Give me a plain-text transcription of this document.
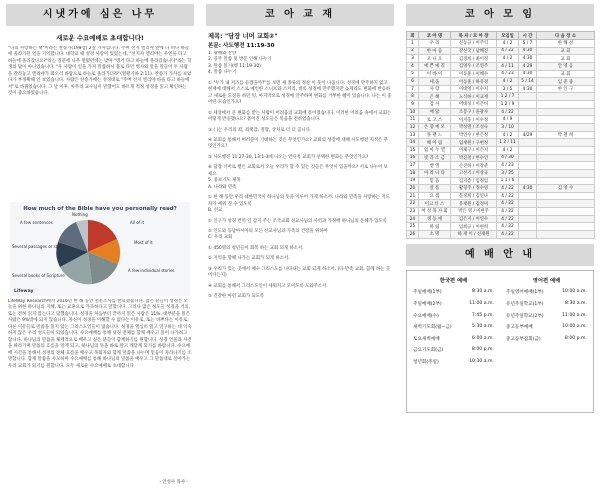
시냇가에 심은 나무
새로운 수요예배로 초대합니다!

"나의 사랑하는 책"이라는 찬송가(199장) 2절 가사입니다. 주여 선지 엘리야 앞에 다 떠나 하늘에 올라가던 일을 기억합니다. 대학교 때 성경 사랑이 있었는데, "선지자 엘리야는 우연을 타고 하늘에 올라갔나요?"라는 질문에 나무 떨렸던데는 맞아 "병거 타고 하늘에 올라갔습니다"라는 학생의 답이 아니었습니다. "우 사람이 일을 가져 말씀하시 불로 타던 병사와 말을 말들이 두 사람을 갈라놓고 엘리야가 회오리 바람으로 하늘로 올라가더라"(열왕기하 2:11). 찬송가 가사를 보았다가 부정확해 인 보였습니다. 사람은 찬송가에는 성경대로 "주여 선지 엘리야 바을 타고 하늘에서"로 바뀌었습니다. 그 날 이후, 아무리 교수님이 말했어도 바르게 적정 성경을 읽고 확인하는 것이 중요하였습니다.

How much of the Bible have you personally read?
All of it
Most of it
A few individual stories
Several books of Scripture
Several passages or stories
A few sentences
Nothing
Lifeway

LifeWay Research에서 2016년 한 해 동안 설문조사를 발표했습니다. 많은 분들이 성경은 오늘을 위한 하나님의 지혜, 또는 교훈으로 가득하다고 말합니다. 그러나 많은 성도들 성경을 거의, 또는 전혀 읽지 않는다고 답했습니다. 성경을 처음부터 끝까지 읽은 사람은 11%, 대부분을 읽은 사람은 9%밖에 되지 않습니다. 자신이 성경을 이해할 수 없다는 이유로, 또는 바쁘다는 이유로, 다른 이유들로 말씀을 읽지 않는 그리스도인들이 많습니다. 성경을 열심히 읽고 연구하는 데 익숙하지 않은 우리 성도들이 되었습니다. 수요예배를 통해 성경 전체를 함께 배우고 읽어 나가려고 합니다. 하나님의 말씀을 체계적으로 배우고 싶은 분들이 함께하기를 원합니다. 성경 인물과 사건을 따라가며 말씀의 흐름을 알게 되고, 하나님의 뜻을 바로 알고 깨닫게 되기를 바랍니다. 수요예배 시간을 통해서 성경의 전체 흐름을 배우고 목회자와 함께 말씀을 나누며 믿음이 자라나기를 소망합니다. 함께 말씀을 사모하며 수요예배를 통해 하나님의 말씀을 배우고 그 말씀대로 살아가는 우리 교회가 되기를 원합니다. 모두 새로운 수요예배로 초대합니다.

- 안성수 목사 -
코 아 교 재
제목: "담장 너머 교회②"
본문: 사도행전 11:19-30

1. 광해와 찬양

2. 공주 말씀 및 방문 인해 나누기

3. 말씀 읽기(행 11:19-30)

4. 말씀 나누기

① "누가 내 저즈를 들겠을까?"를 보면 새 종류의 정찬 이 웃이 나옵니다. 성경에 만주하지 않고 현재에 대해서 스스로 예언한 스니프와 스커리, 비록 성경에 만주했지만 늦게라도 변화에 반응하고 새로운 도전을 하던 텃, 마지막으로 성경에 안주하며 변화를 거부한 헴이 있습니다. 나는 이 중 어떤 모습인가요?

② 세상에서 큰 변화를 받는 사람이 어려움의 교회에 흩어졌습니다. 이러한 어려움 속에서 교회는 어떻게 반응했나요? 흩어진 성도들은 복음을 전하였습니다.

③ ( )는 우리의 죄, 죄책감, 절망, 상처로 더 더 큽니다.

④ 교회를 통해서 여러분이 기대하는 것은 무엇인가요? 교회의 성장에 대해 사도행전 지적은 무엇인가요?

⑤ 사도행전 11:27-30, 13:1-3에 나오는 안디옥 교회가 선택한 변화는 무엇인가요?

⑥ 담장 너머로 뻗은 교회로서 오늘 우리가 할 수 있는 것들은 무엇이 있을까요? 서로 나누어 보세요.

5. 중보기도 제목

A. 나라와 민족

① 한 해 동안 우리 대한민국이 하나님의 뜻을 이루어 가게 하소서. 나라와 민족을 사랑하는 지도자가 세워 질 수 있도록

B. 선교

① 인구가 성경 번역 일 감지 주는 조국교회 선교사님의 사역과 가정에 하나님의 은혜가 있도록

② 인도와 동남아시아의 모든 선교사님과 가족의 건강을 위하여

C. 우리 교회

① 450명의 청년들이 회복 하는 교회 되게 하소서.

② 지역을 향해 나가는 교회가 되게 하소서.

③ 우리가 있는 곳에서 예수 그리스도를 나타내는 교회 되게 하소서. (다 만족 교회, 함께 하는 곳 어디든지)

④ 교회를 통해서 그리스도인이 세워지고 모이도록 도와주소서.

⑤ 건강한 마련 교회가 되도록

코 아 모 임
회	코 아 명	목 자 / 모 아 장	모임일	시 간	다 음 장 소
1	우 리	신동규 / 이주익	4 / 2	5 / 7	한 해 선
2	한 마 음	강신국 / 남혜진	4 / 22	4:30	교 회
3	오 니 오	김경희 / 최이정	4 / 2	4:30	교 회
4	예 쁜 예 꼴	김영우 / 조연주	4 / 11	4:29	안 영 응
5	이 바 이	이동훈 / 이혜수	4 / 23	4:30	교 회
6	세 움	이동훈 / 하유경	4 / 2	5 / 14	임 준 중
7	사 랑	이대영 / 이수지	3 / 5	4:30	한 인 구
8	은 혜	노석하 / 이교재	1 2 / 7		
9	감 사	이대성 / 이은비	1 2 / 9		
10	예 닮	조봉구 / 윤광자	4 / 22		
11	로 고 스	이지웅 / 이수정	4 / 9		
12	온 향 예 모	박성열 / 조성숙	3 / 10		
13	플 랜 느	박연수 / 한은정	4 / 2	4/29	박 철 희
14	해 아 림	임재원 / 구현정	1 2 / 11		
15	임 마 누 엘	이제구 / 이은지	4 / 2		
16	빛 과 소 금	박진철 / 한수연	4 / 30		
17	벧 엘	손진하 / 이강준	4 / 23		
18	마 라 나 타	고선기 / 이상규	3 / 25		
19	믿 음	김지송 / 임정임	1 1 / 6		
20	샬 롬	황형주 / 정수영	4 / 22	4:30	김 영 수
21	요 셉	문정희 / 김연나	4 / 22		
22	이크 티 스	유재원 / 김경미	4 / 22		
23	여 성 목 자 회	박은 영 / 이현주	4 / 22		
24	생 동 예	김은지 / 이연수	4 / 22		
25	하 림	임희규 / 이현희	4 / 22		
26	소 명	하 재 이 / 신재원	4 / 22		
예 배 안 내
한국편 예배	영어편 예배
주일예배(1부)	8:30 a.m.	주일영어예배(1부)	10:00 a.m.
주일예배(2부)	11:00 a.m.	유년주일학교(1부)	8:30 a.m.
수요예배(수)	7:45 p.m.	유년주일학교(2부)	11:00 a.m.
새벽기도회(월~금)	5:30 a.m.	중고등부예배	10:00 a.m.
토요새벽예배	6:00 a.m.	중고등부집회(금)	8:00 p.m.
금요기도회(금)	8:00 p.m.
청년회(주일)	10:30 a.m.
